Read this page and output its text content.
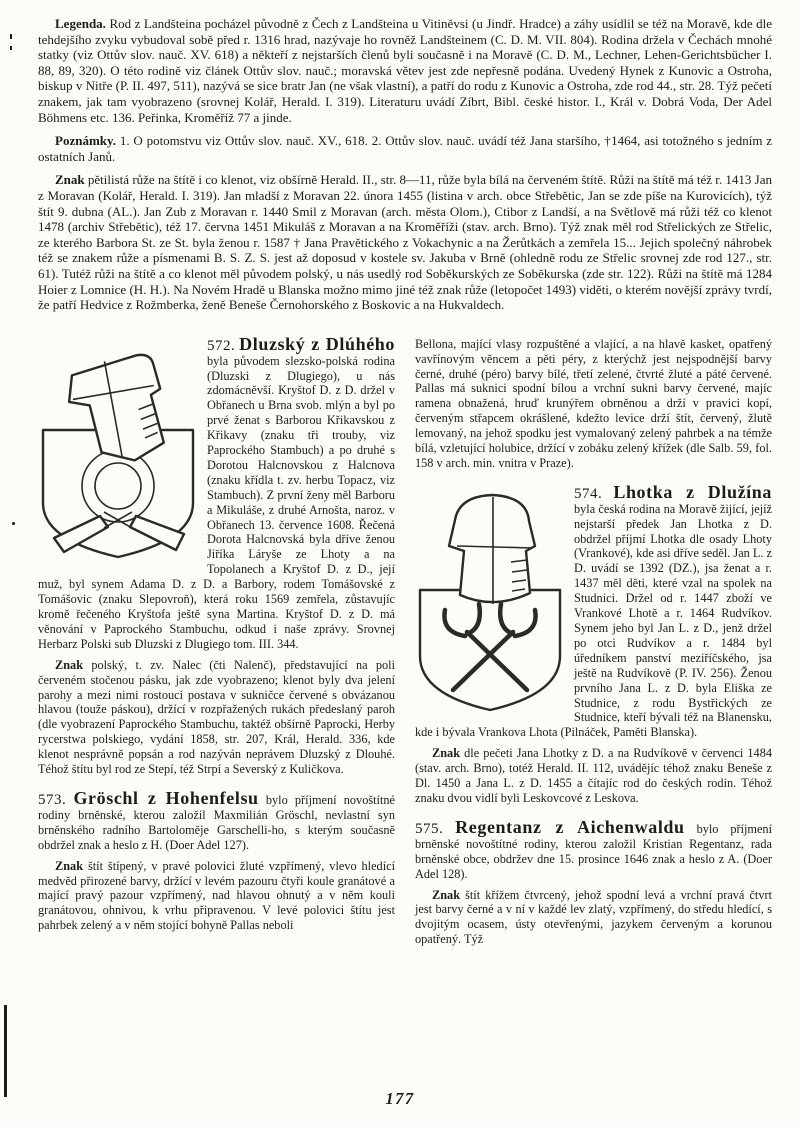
Legenda. Rod z Landšteina pocházel původně z Čech z Landšteina u Vitiněvsi (u Jindř. Hradce) a záhy usídlil se též na Moravě, kde dle tehdejšího zvyku vybudoval sobě před r. 1316 hrad, nazývaje ho rovněž Landšteinem (C. D. M. VII. 804). Rodina držela v Čechách mnohé statky (viz Ottův slov. nauč. XV. 618) a někteří z nejstarších členů byli současně i na Moravě (C. D. M., Lechner, Lehen-Gerichtsbücher I. 88, 89, 320). O této rodině viz článek Ottův slov. nauč.; moravská větev jest zde nepřesně podána. Uvedený Hynek z Kunovic a Ostroha, biskup v Nitře (P. II. 497, 511), nazývá se sice bratr Jan (ne však vlastní), a patří do rodu z Kunovic a Ostroha, zde rod 44., str. 28. Týž pečetí znakem, jak tam vyobrazeno (srovnej Kolář, Herald. I. 319). Literaturu uvádí Zíbrt, Bibl. české histor. I., Král v. Dobrá Voda, Der Adel Böhmens etc. 136. Peřinka, Kroměříž 77 a jinde.

Poznámky. 1. O potomstvu viz Ottův slov. nauč. XV., 618. 2. Ottův slov. nauč. uvádí též Jana staršího, †1464, asi totožného s jedním z ostatních Janů.

Znak pětilistá růže na štítě i co klenot, viz obšírně Herald. II., str. 8—11, růže byla bílá na červeném štítě. Růži na štítě má též r. 1413 Jan z Moravan (Kolář, Herald. I. 319). Jan mladší z Moravan 22. února 1455 (listina v arch. obce Střebětic, Jan se zde píše na Kurovicích), týž štít 9. dubna (AL.). Jan Zub z Moravan r. 1440 Smil z Moravan (arch. města Olom.), Ctibor z Landší, a na Světlově má růži též co klenot 1478 (archiv Střebětic), též 17. června 1451 Mikuláš z Moravan a na Kroměříži (stav. arch. Brno). Týž znak měl rod Střelických ze Střelic, ze kterého Barbora St. ze St. byla ženou r. 1587 † Jana Pravětického z Vokachynic a na Žerůtkách a zemřela 15... Jejich společný náhrobek též se znakem růže a písmenami B. S. Z. S. jest až doposud v kostele sv. Jakuba v Brně (ohledně rodu ze Střelic srovnej zde rod 127., str. 61). Tutéž růži na štítě a co klenot měl původem polský, u nás usedlý rod Soběkurských ze Soběkurska (zde str. 122). Růži na štítě má 1284 Hoier z Lomnice (H. H.). Na Novém Hradě u Blanska možno mimo jiné též znak růže (letopočet 1493) viděti, o kterém novější zprávy tvrdí, že patří Hedvice z Rožmberka, ženě Beneše Černohorského z Boskovic a na Hukvaldech.

572. Dluzský z Dlúhého
byla původem slezsko-polská rodina (Dluzski z Dlugiego), u nás zdomácněvší. Kryštof D. z D. držel v Obřanech u Brna svob. mlýn a byl po prvé ženat s Barborou Křikavskou z Křikavy (znaku tři trouby, viz Paprockého Stambuch) a po druhé s Dorotou Halcnovskou z Halcnova (znaku křídla t. zv. herbu Topacz, viz Stambuch). Z první ženy měl Barboru a Mikuláše, z druhé Arnošta, naroz. v Obřanech 13. července 1608. Řečená Dorota Halcnovská byla dříve ženou Jiříka Láryše ze Lhoty a na Topolanech a Kryštof D. z D., její muž, byl synem Adama D. z D. a Barbory, rodem Tomášovské z Tomášovic (znaku Slepovroň), která roku 1569 zemřela, zůstavujíc kromě řečeného Kryštofa ještě syna Martina. Kryštof D. z D. má věnování v Paprockého Stambuchu, odkud i naše zprávy. Srovnej Herbarz Polski sub Dluzski z Dlugiego tom. III. 344.

Znak polský, t. zv. Nalec (čti Nalenč), představující na poli červeném stočenou pásku, jak zde vyobrazeno; klenot byly dva jelení parohy a mezi nimi rostoucí postava v sukničce červené s obvázanou hlavou (touže páskou), držící v rozpřažených rukách předeslaný paroh (dle vyobrazení Paprockého Stambuchu, taktéž obšírně Paprocki, Herby rycerstwa polskiego, vydání 1858, str. 207, Král, Herald. 336, kde klenot nesprávně popsán a rod nazýván neprávem Dluzský z Dlouhé. Téhož štítu byl rod ze Stepí, též Strpí a Severský z Kuličkova.

573. Gröschl z Hohenfelsu bylo příjmení novoštítné rodiny brněnské, kterou založil Maxmilián Gröschl, nevlastní syn brněnského radního Bartoloměje Garschelli-ho, s kterým současně obdržel znak a heslo z H. (Doer Adel 127).

Znak štít štípený, v pravé polovici žluté vzpřímený, vlevo hledící medvěd přirozené barvy, držící v levém pazouru čtyři koule granátové a mající pravý pazour vzpřímený, nad hlavou ohnutý a v něm kouli granátovou, ohnivou, k vrhu připravenou. V levé polovici štítu jest pahrbek zelený a v něm stojící bohyně Pallas neboli

Bellona, mající vlasy rozpuštěné a vlající, a na hlavě kasket, opatřený vavřínovým věncem a pěti péry, z kterýchž jest nejspodnější barvy černé, druhé (péro) barvy bílé, třetí zelené, čtvrté žluté a páté červené. Pallas má suknici spodní bílou a vrchní sukni barvy červené, majíc ramena obnažená, hruď krunýřem obrněnou a drží v pravici kopí, červeným střapcem okrášlené, kdežto levice drží štít, červený, žlutě lemovaný, na jehož spodku jest vymalovaný zelený pahrbek a na témže bílá, vzletující holubice, držící v zobáku zelený křížek (dle Salb. 59, fol. 158 v arch. min. vnitra v Praze).

574. Lhotka z Dlužína
byla česká rodina na Moravě žijící, jejíž nejstarší předek Jan Lhotka z D. obdržel příjmí Lhotka dle osady Lhoty (Vrankové), kde asi dříve seděl. Jan L. z D. uvádí se 1392 (DZ.), jsa ženat a r. 1437 měl děti, které vzal na spolek na Studnici. Držel od r. 1447 zboží ve Vrankové Lhotě a r. 1464 Rudvíkov. Synem jeho byl Jan L. z D., jenž držel po otci Rudvíkov a r. 1484 byl úředníkem panství meziříčského, jsa ještě na Rudvíkově (P. IV. 256). Ženou prvního Jana L. z D. byla Eliška ze Studnice, z rodu Bystřických ze Studnice, kteří bývali též na Blanensku, kde i bývala Vrankova Lhota (Pilnáček, Paměti Blanska).

Znak dle pečeti Jana Lhotky z D. a na Rudvíkově v červenci 1484 (stav. arch. Brno), totéž Herald. II. 112, uvádějíc téhož znaku Beneše z Dl. 1450 a Jana L. z D. 1455 a čítajíc rod do českých rodin. Téhož znaku dvou vidlí byli Leskovcové z Leskova.

575. Regentanz z Aichenwaldu bylo příjmení brněnské novoštítné rodiny, kterou založil Kristian Regentanz, rada brněnské obce, obdržev dne 15. prosince 1646 znak a heslo z A. (Doer Adel 128).

Znak štít křížem čtvrcený, jehož spodní levá a vrchní pravá čtvrt jest barvy černé a v ní v každé lev zlatý, vzpřímený, do středu hledící, s dvojitým ocasem, ústy otevřenými, jazykem červeným a korunou opatřený. Týž

177
